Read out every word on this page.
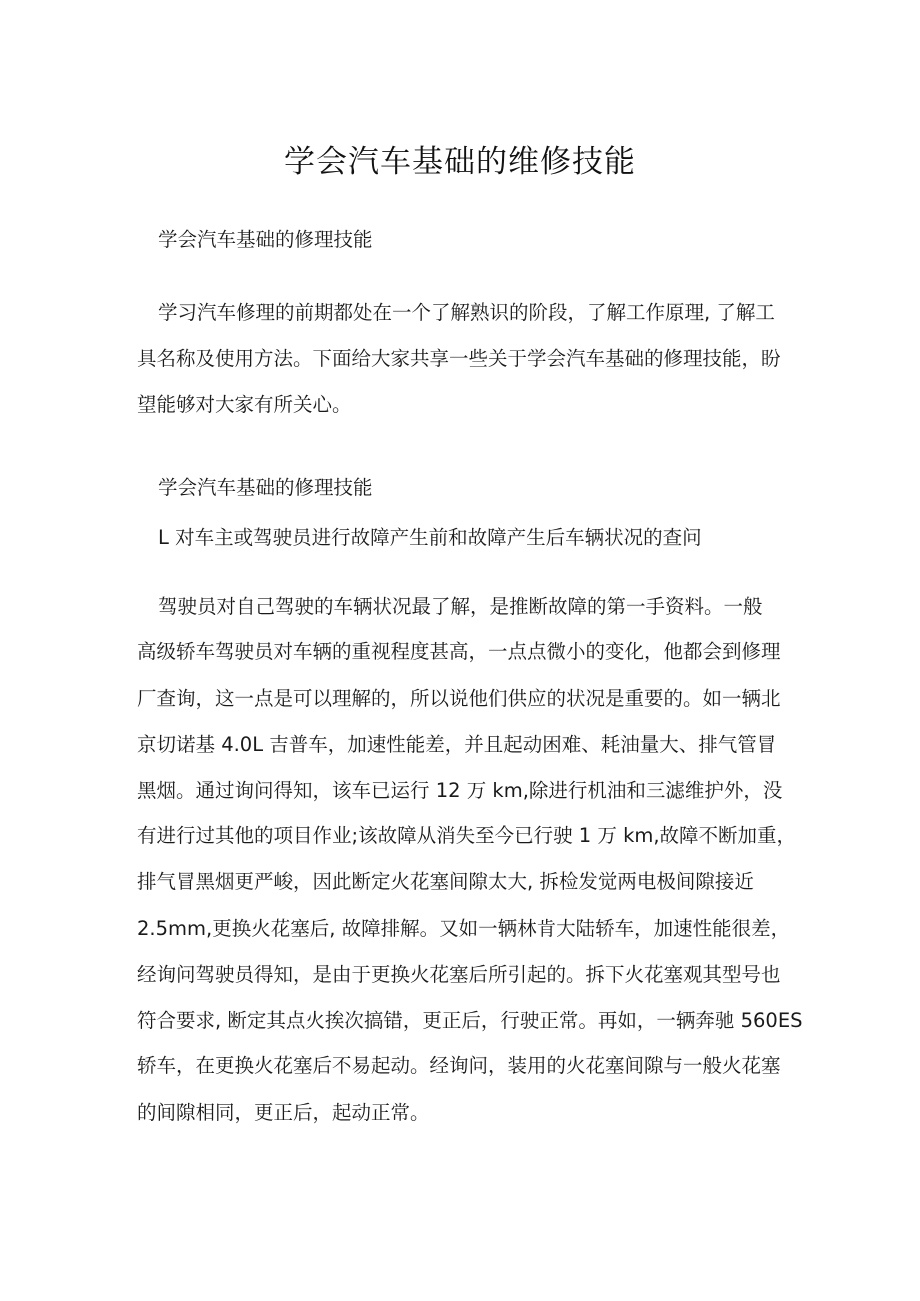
学会汽车基础的维修技能
学会汽车基础的修理技能
学习汽车修理的前期都处在一个了解熟识的阶段，了解工作原理, 了解工
具名称及使用方法。下面给大家共享一些关于学会汽车基础的修理技能，盼
望能够对大家有所关心。
学会汽车基础的修理技能
L 对车主或驾驶员进行故障产生前和故障产生后车辆状况的查问
驾驶员对自己驾驶的车辆状况最了解，是推断故障的第一手资料。一般
高级轿车驾驶员对车辆的重视程度甚高，一点点微小的变化，他都会到修理
厂查询，这一点是可以理解的，所以说他们供应的状况是重要的。如一辆北
京切诺基 4.0L 吉普车，加速性能差，并且起动困难、耗油量大、排气管冒
黑烟。通过询问得知，该车已运行 12 万 km,除进行机油和三滤维护外，没
有进行过其他的项目作业;该故障从消失至今已行驶 1 万 km,故障不断加重，
排气冒黑烟更严峻，因此断定火花塞间隙太大, 拆检发觉两电极间隙接近
2.5mm,更换火花塞后, 故障排解。又如一辆林肯大陆轿车，加速性能很差，
经询问驾驶员得知，是由于更换火花塞后所引起的。拆下火花塞观其型号也
符合要求, 断定其点火挨次搞错，更正后，行驶正常。再如，一辆奔驰 560ES
轿车，在更换火花塞后不易起动。经询问，装用的火花塞间隙与一般火花塞
的间隙相同，更正后，起动正常。
